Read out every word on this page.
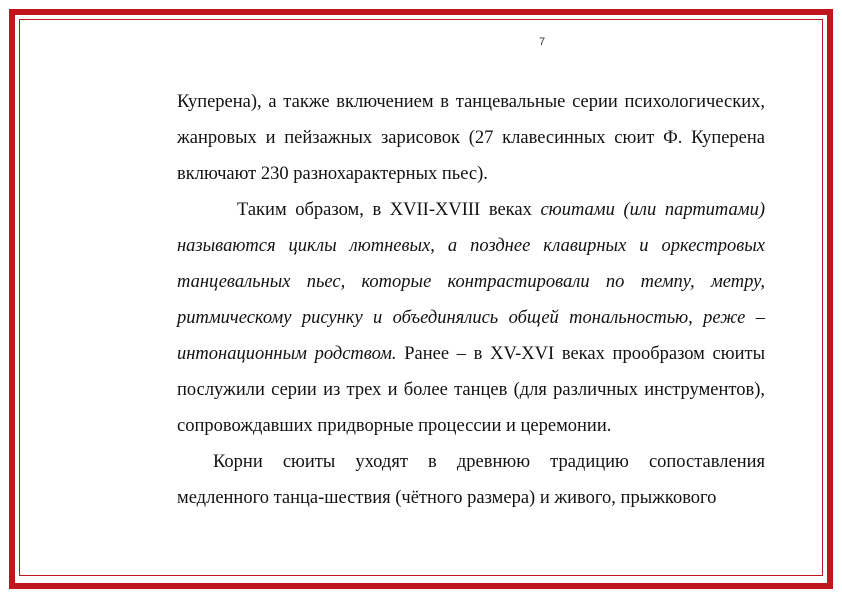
7

Куперена), а также включением в танцевальные серии психологических, жанровых и пейзажных зарисовок (27 клавесинных сюит Ф. Куперена включают 230 разнохарактерных пьес).

Таким образом, в XVII-XVIII веках сюитами (или партитами) называются циклы лютневых, а позднее клавирных и оркестровых танцевальных пьес, которые контрастировали по темпу, метру, ритмическому рисунку и объединялись общей тональностью, реже – интонационным родством. Ранее – в XV-XVI веках прообразом сюиты послужили серии из трех и более танцев (для различных инструментов), сопровождавших придворные процессии и церемонии.

Корни сюиты уходят в древнюю традицию сопоставления медленного танца-шествия (чётного размера) и живого, прыжкового
